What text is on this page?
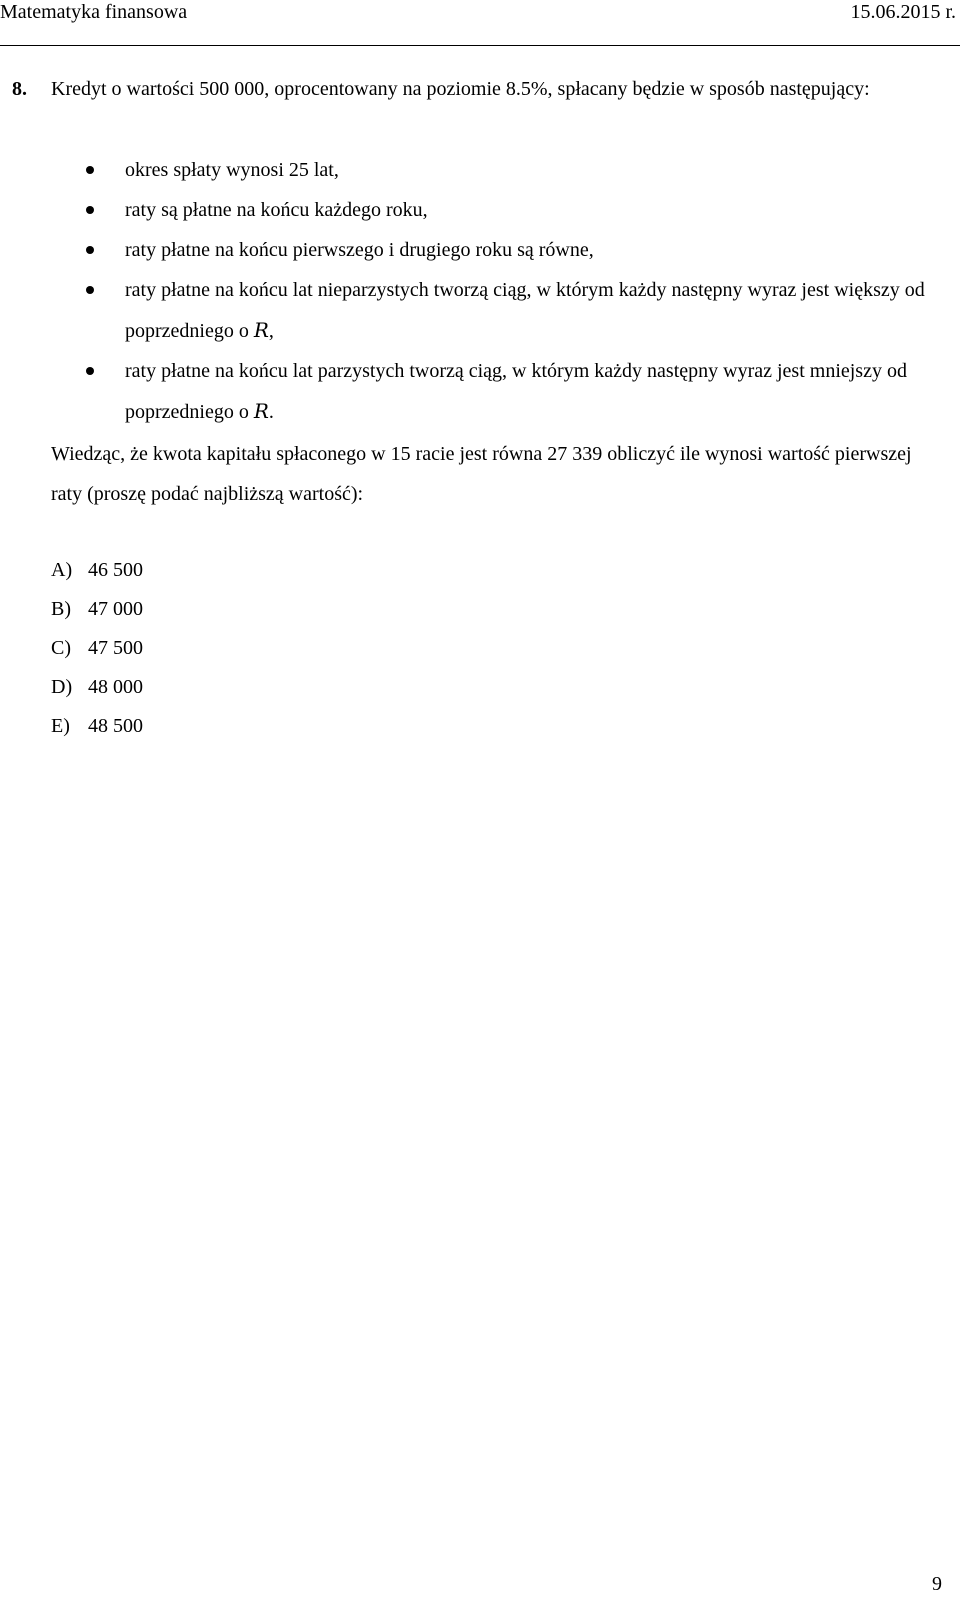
Matematyka finansowa	15.06.2015 r.
8. Kredyt o wartości 500 000, oprocentowany na poziomie 8.5%, spłacany będzie w sposób następujący:
okres spłaty wynosi 25 lat,
raty są płatne na końcu każdego roku,
raty płatne na końcu pierwszego i drugiego roku są równe,
raty płatne na końcu lat nieparzystych tworzą ciąg, w którym każdy następny wyraz jest większy od poprzedniego o R,
raty płatne na końcu lat parzystych tworzą ciąg, w którym każdy następny wyraz jest mniejszy od poprzedniego o R.
Wiedząc, że kwota kapitału spłaconego w 15 racie jest równa 27 339 obliczyć ile wynosi wartość pierwszej raty (proszę podać najbliższą wartość):
A) 46 500
B) 47 000
C) 47 500
D) 48 000
E) 48 500
9
